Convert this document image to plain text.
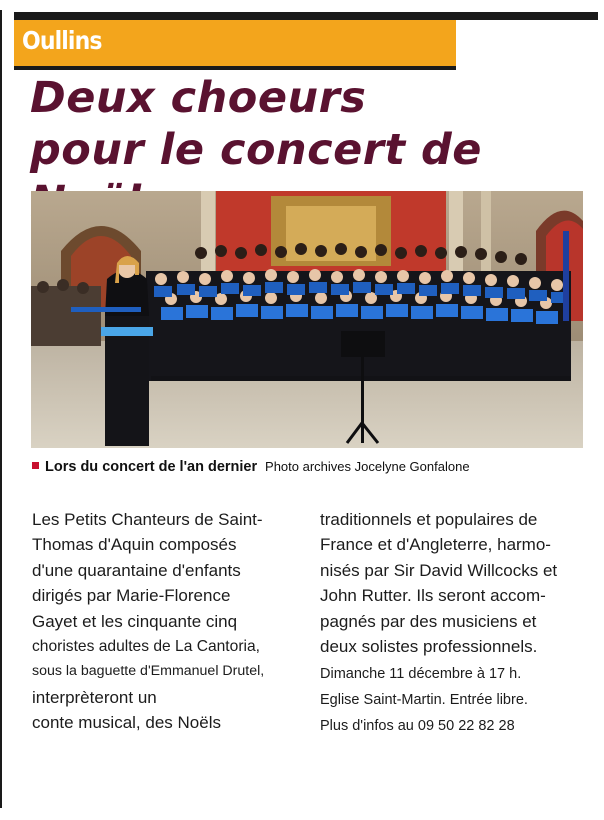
Oullins
Deux choeurs
pour le concert de
Lors du concert de l'an dernier Photo archives Jocelyne Gonfalone
Les Petits Chanteurs de Saint-
Thomas d'Aquin composés
d'une quarantaine d'enfants
dirigés par Marie-Florence
Gayet et les cinquante cinq
choristes adultes de La Cantoria,
sous la baguette d'Emmanuel Drutel,
interprèteront un
conte musical, des Noëls
traditionnels et populaires de
France et d'Angleterre, harmo-
nisés par Sir David Willcocks et
John Rutter. Ils seront accom-
pagnés par des musiciens et
deux solistes professionnels.
Dimanche 11 décembre à 17 h.
Eglise Saint-Martin. Entrée libre.
Plus d'infos au 09 50 22 82 28
